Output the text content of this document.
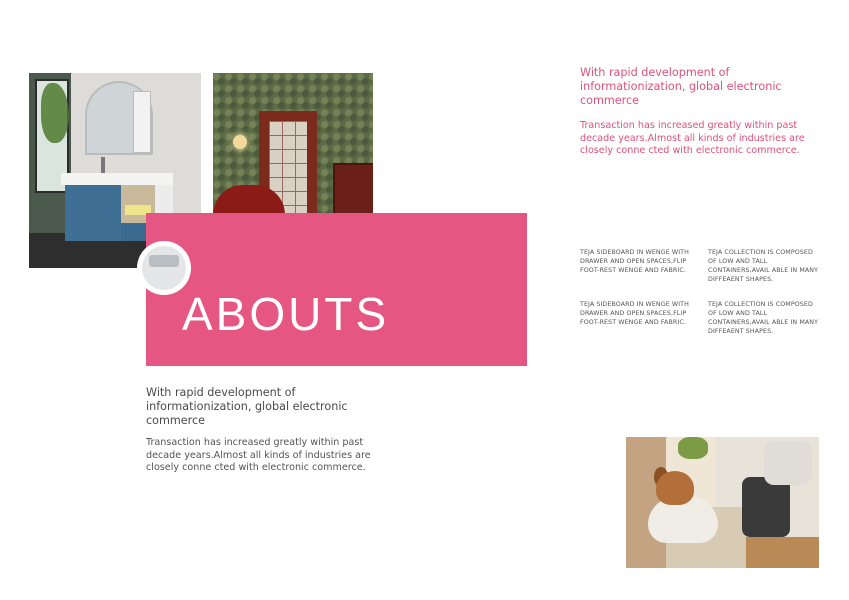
ABOUTS
With rapid development of informationization, global electronic commerce
Transaction has increased greatly within past decade years.Almost all kinds of industries are closely conne cted with electronic commerce.
With rapid development of informationization, global electronic commerce
Transaction has increased greatly within past decade years.Almost all kinds of industries are closely conne cted with electronic commerce.
TEJA SIDEBOARD IN WENGE WITH DRAWER AND OPEN SPACES,FLIP FOOT-REST WENGE AND FABRIC.
TEJA COLLECTION IS COMPOSED OF LOW AND TALL CONTAINERS,AVAIL ABLE IN MANY DIFFEAENT SHAPES.
TEJA SIDEBOARD IN WENGE WITH DRAWER AND OPEN SPACES,FLIP FOOT-REST WENGE AND FABRIC.
TEJA COLLECTION IS COMPOSED OF LOW AND TALL CONTAINERS,AVAIL ABLE IN MANY DIFFEAENT SHAPES.
